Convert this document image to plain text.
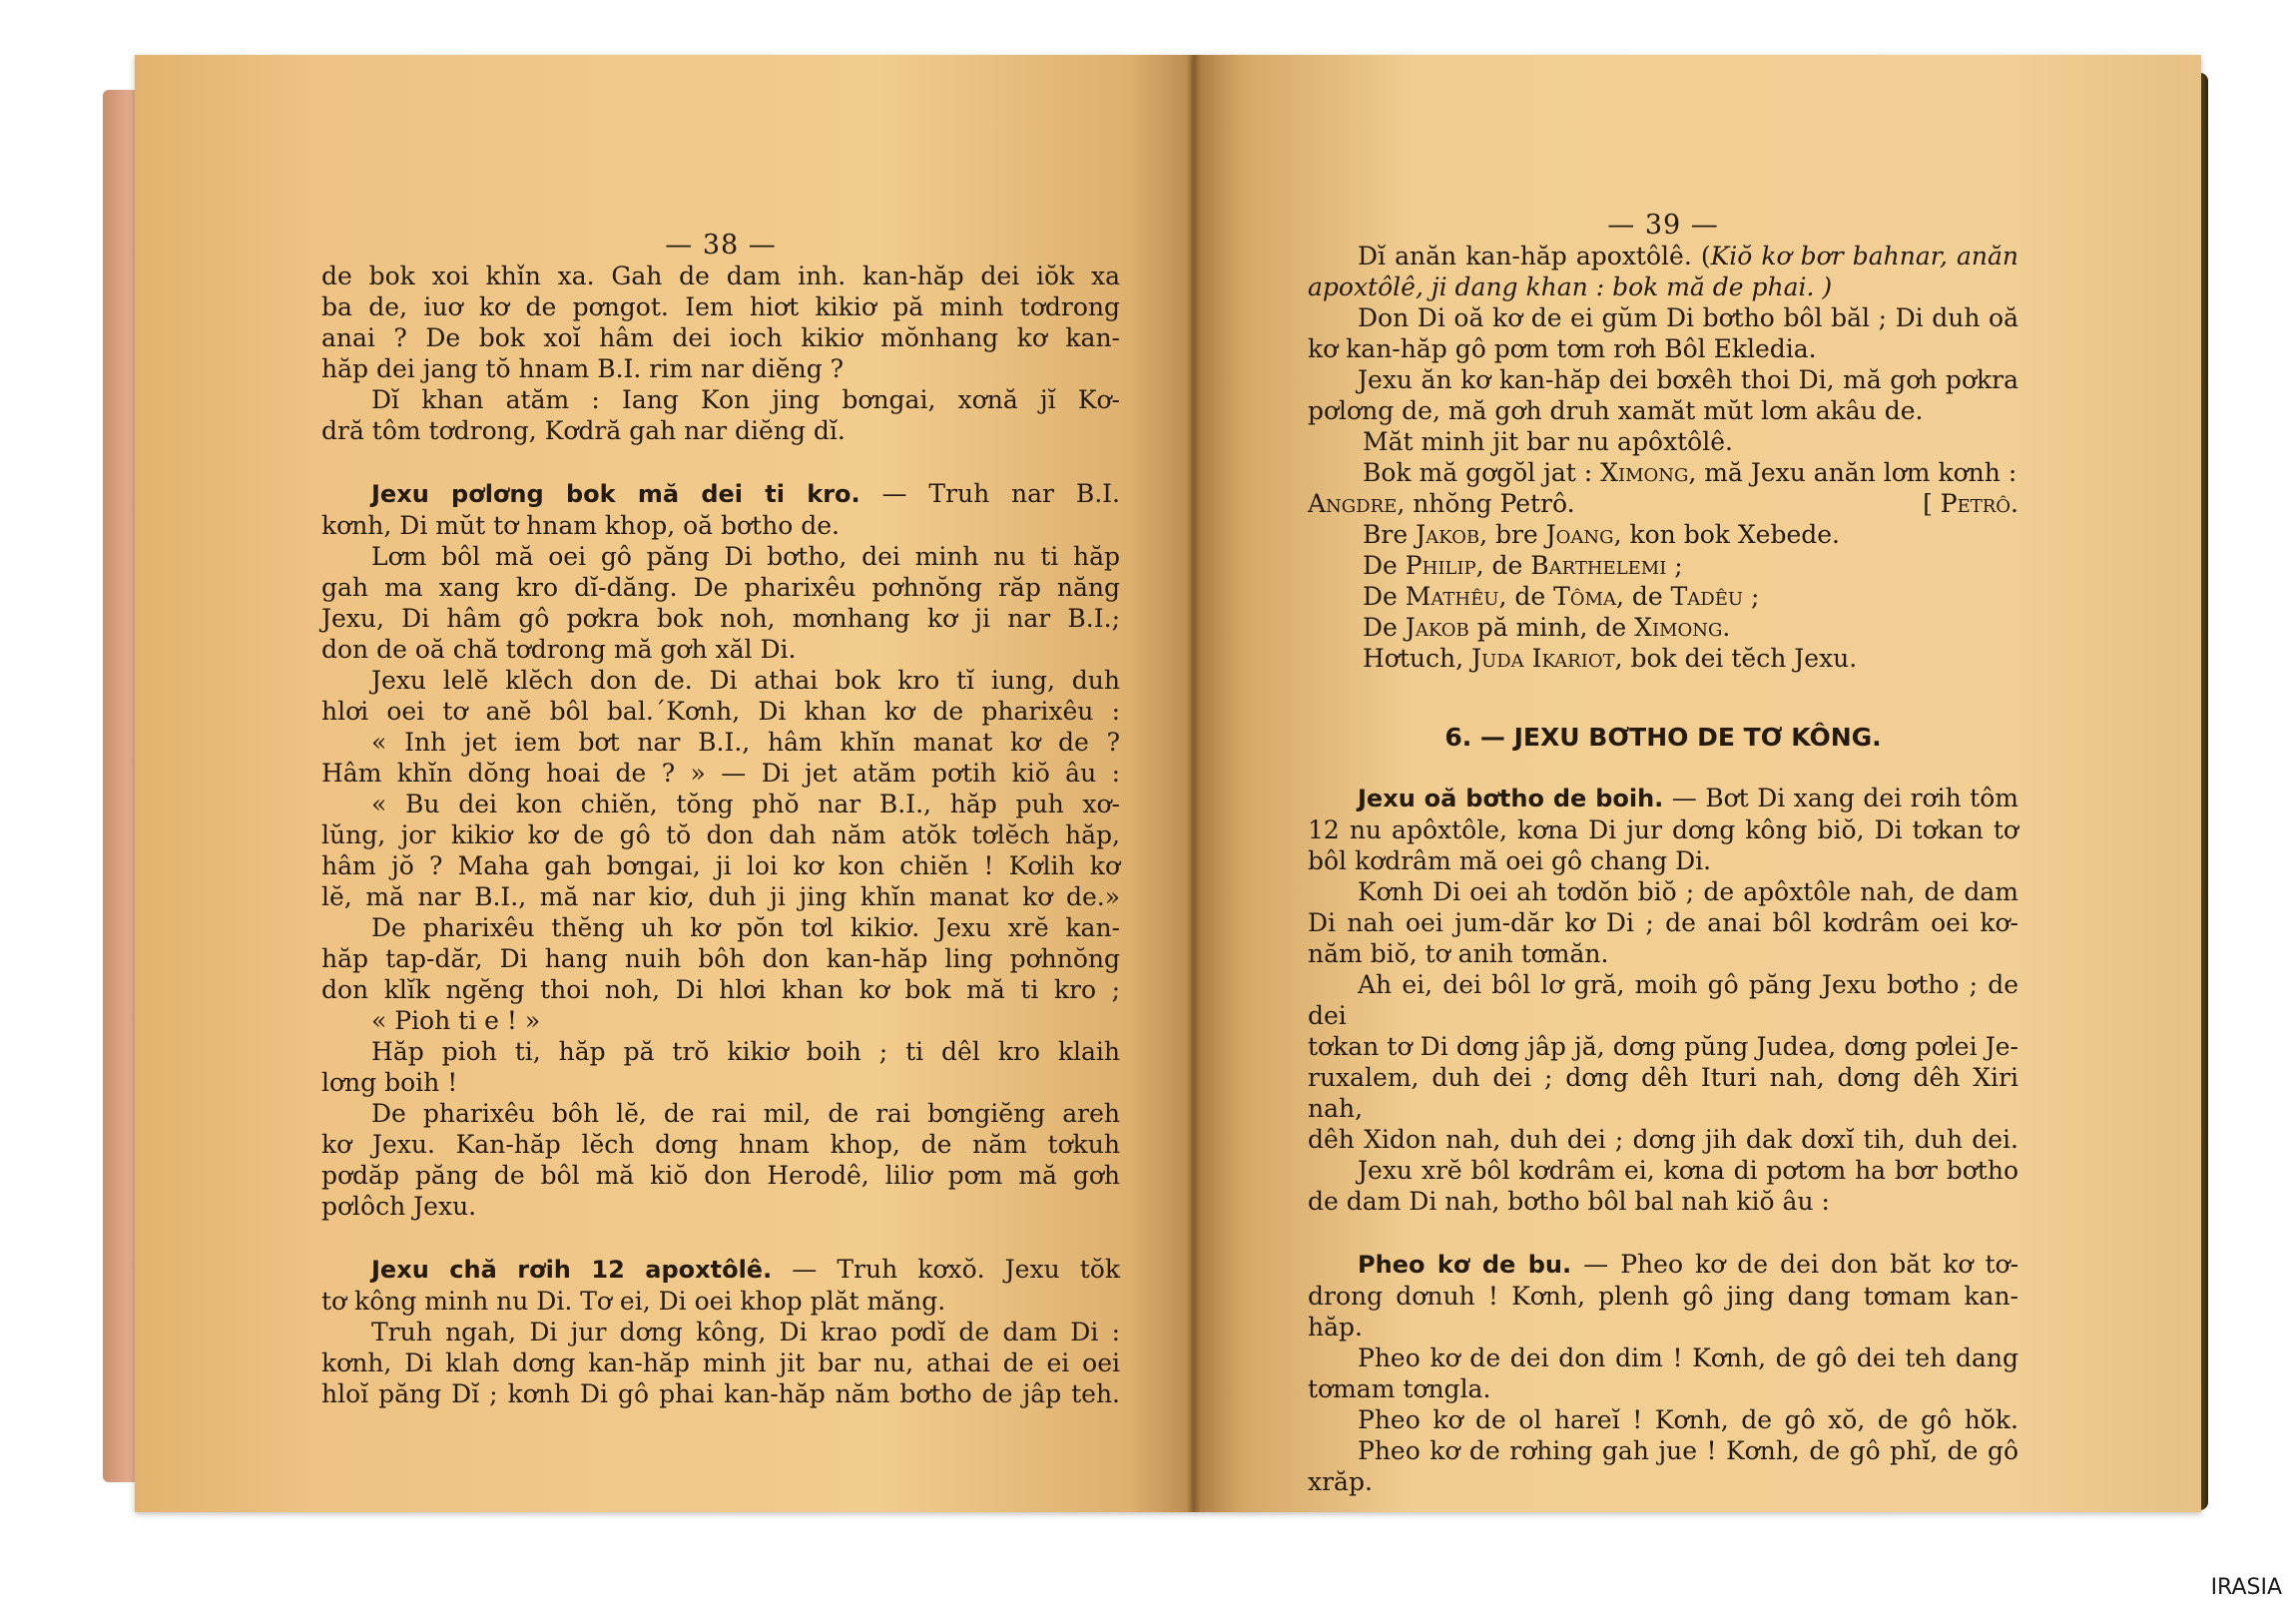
— 38 —

de bok xoi khǐn xa. Gah de dam inh. kan-hăp dei iŏk xa

ba de, iuơ kơ de pơngot. Iem hiơt kikiơ pă minh tơdrong

anai ? De bok xoĭ hâm dei ioch kikiơ mŏnhang kơ kan-

hăp dei jang tŏ hnam B.I. rim nar diĕng ?

Dĭ khan atăm : Iang Kon jing bơngai, xơnă jĭ Kơ-

dră tôm tơdrong, Kơdră gah nar diĕng dĭ.

Jexu pơlơng bok mă dei ti kro. — Truh nar B.I.

kơnh, Di mŭt tơ hnam khop, oă bơtho de.

Lơm bôl mă oei gô păng Di bơtho, dei minh nu ti hăp

gah ma xang kro dĭ-dăng. De pharixêu pơhnŏng răp năng

Jexu, Di hâm gô pơkra bok noh, mơnhang kơ ji nar B.I.;

don de oă chă tơdrong mă gơh xăl Di.

Jexu lelĕ klĕch don de. Di athai bok kro tĭ iung, duh

hlơi oei tơ anĕ bôl bal.´Kơnh, Di khan kơ de pharixêu :

« Inh jet iem bơt nar B.I., hâm khĭn manat kơ de ?

Hâm khĭn dŏng hoai de ? » — Di jet atăm pơtih kiŏ âu :

« Bu dei kon chiĕn, tŏng phŏ nar B.I., hăp puh xơ-

lŭng, jor kikiơ kơ de gô tŏ don dah năm atŏk tơlĕch hăp,

hâm jŏ ? Maha gah bơngai, ji loi kơ kon chiĕn ! Kơlih kơ

lĕ, mă nar B.I., mă nar kiơ, duh ji jing khĭn manat kơ de.»

De pharixêu thĕng uh kơ pŏn tơl kikiơ. Jexu xrĕ kan-

hăp tap-dăr, Di hang nuih bôh don kan-hăp ling pơhnŏng

don klĭk ngĕng thoi noh, Di hlơi khan kơ bok mă ti kro ;

« Pioh ti e ! »

Hăp pioh ti, hăp pă trŏ kikiơ boih ; ti dêl kro klaih

lơng boih !

De pharixêu bôh lĕ, de rai mil, de rai bơngiĕng areh

kơ Jexu. Kan-hăp lĕch dơng hnam khop, de năm tơkuh

pơdăp păng de bôl mă kiŏ don Herodê, liliơ pơm mă gơh

pơlôch Jexu.

Jexu chă rơih 12 apoxtôlê. — Truh kơxŏ. Jexu tŏk

tơ kông minh nu Di. Tơ ei, Di oei khop plăt măng.

Truh ngah, Di jur dơng kông, Di krao pơdĭ de dam Di :

kơnh, Di klah dơng kan-hăp minh jit bar nu, athai de ei oei

hloĭ păng Dĭ ; kơnh Di gô phai kan-hăp năm bơtho de jâp teh.

— 39 —

Dĭ anăn kan-hăp apoxtôlê. (Kiŏ kơ bơr bahnar, anăn

apoxtôlê, ji dang khan : bok mă de phai. )

Don Di oă kơ de ei gŭm Di bơtho bôl băl ; Di duh oă

kơ kan-hăp gô pơm tơm rơh Bôl Ekledia.

Jexu ăn kơ kan-hăp dei bơxêh thoi Di, mă gơh pơkra

pơlơng de, mă gơh druh xamăt mŭt lơm akâu de.

Măt minh jit bar nu apôxtôlê.

Bok mă gơgŏl jat : Ximong, mă Jexu anăn lơm kơnh :

Angdre, nhŏng Petrô.	[ Petrô.

Bre Jakob, bre Joang, kon bok Xebede.

De Philip, de Barthelemi ;

De Mathêu, de Tôma, de Tadêu ;

De Jakob pă minh, de Ximong.

Hơtuch, Juda Ikariot, bok dei tĕch Jexu.

6. — JEXU BƠTHO DE TƠ KÔNG.

Jexu oă bơtho de boih. — Bơt Di xang dei rơih tôm

12 nu apôxtôle, kơna Di jur dơng kông biŏ, Di tơkan tơ

bôl kơdrâm mă oei gô chang Di.

Kơnh Di oei ah tơdŏn biŏ ; de apôxtôle nah, de dam

Di nah oei jum-dăr kơ Di ; de anai bôl kơdrâm oei kơ-

năm biŏ, tơ anih tơmăn.

Ah ei, dei bôl lơ gră, moih gô păng Jexu bơtho ; de dei

tơkan tơ Di dơng jâp jă, dơng pŭng Judea, dơng pơlei Je-

ruxalem, duh dei ; dơng dêh Ituri nah, dơng dêh Xiri nah,

dêh Xidon nah, duh dei ; dơng jih dak dơxĭ tih, duh dei.

Jexu xrĕ bôl kơdrâm ei, kơna di pơtơm ha bơr bơtho

de dam Di nah, bơtho bôl bal nah kiŏ âu :

Pheo kơ de bu. — Pheo kơ de dei don băt kơ tơ-

drong dơnuh ! Kơnh, plenh gô jing dang tơmam kan-hăp.

Pheo kơ de dei don dim ! Kơnh, de gô dei teh dang

tơmam tơngla.

Pheo kơ de ol hareĭ ! Kơnh, de gô xŏ, de gô hŏk.

Pheo kơ de rơhing gah jue ! Kơnh, de gô phĭ, de gô xrăp.

IRASIA
